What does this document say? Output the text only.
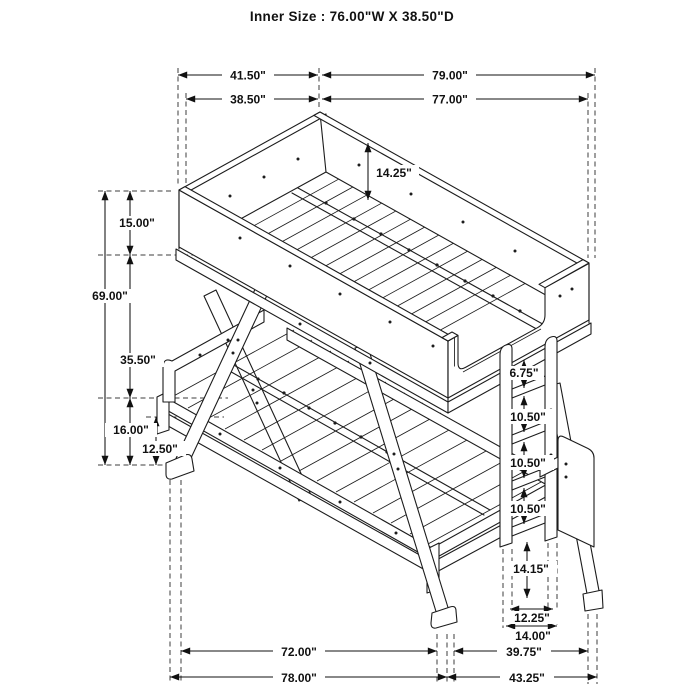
41.50"	79.00"
38.50"	77.00"
69.00"
15.00"
35.50"
16.00"
12.50"
14.25"
6.75"
10.50"
10.50"
10.50"
14.15"
12.25"
14.00"
72.00"	39.75"
78.00"	43.25"
Inner Size : 76.00"W X 38.50"D
